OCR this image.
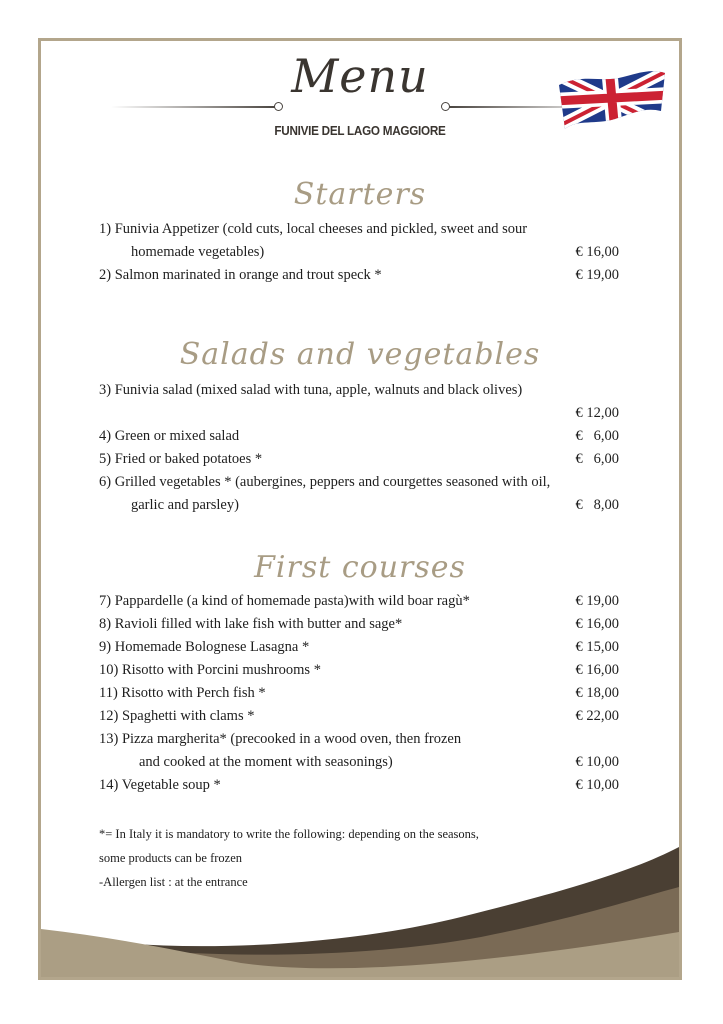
Menu
FUNIVIE DEL LAGO MAGGIORE
Starters
1) Funivia Appetizer (cold cuts, local cheeses and pickled, sweet and sour
homemade vegetables)	€ 16,00
2) Salmon marinated in orange and trout speck *	€ 19,00
Salads and vegetables
3) Funivia salad (mixed salad with tuna, apple, walnuts and black olives)
€ 12,00
4) Green or mixed salad	€   6,00
5) Fried or baked potatoes *	€   6,00
6) Grilled vegetables * (aubergines, peppers and courgettes seasoned with oil,
garlic and parsley)	€   8,00
First courses
7) Pappardelle (a kind of homemade pasta)with wild boar ragù*	€ 19,00
8) Ravioli filled with lake fish with butter and sage*	€ 16,00
9) Homemade Bolognese Lasagna *	€ 15,00
10) Risotto with Porcini mushrooms *	€ 16,00
11) Risotto with Perch fish *	€ 18,00
12) Spaghetti with clams *	€ 22,00
13) Pizza margherita* (precooked in a wood oven, then frozen
and cooked at the moment with seasonings)	€ 10,00
14) Vegetable soup *	€ 10,00
*= In Italy it is mandatory to write the following: depending on the seasons,
some products can be frozen
-Allergen list : at the entrance
